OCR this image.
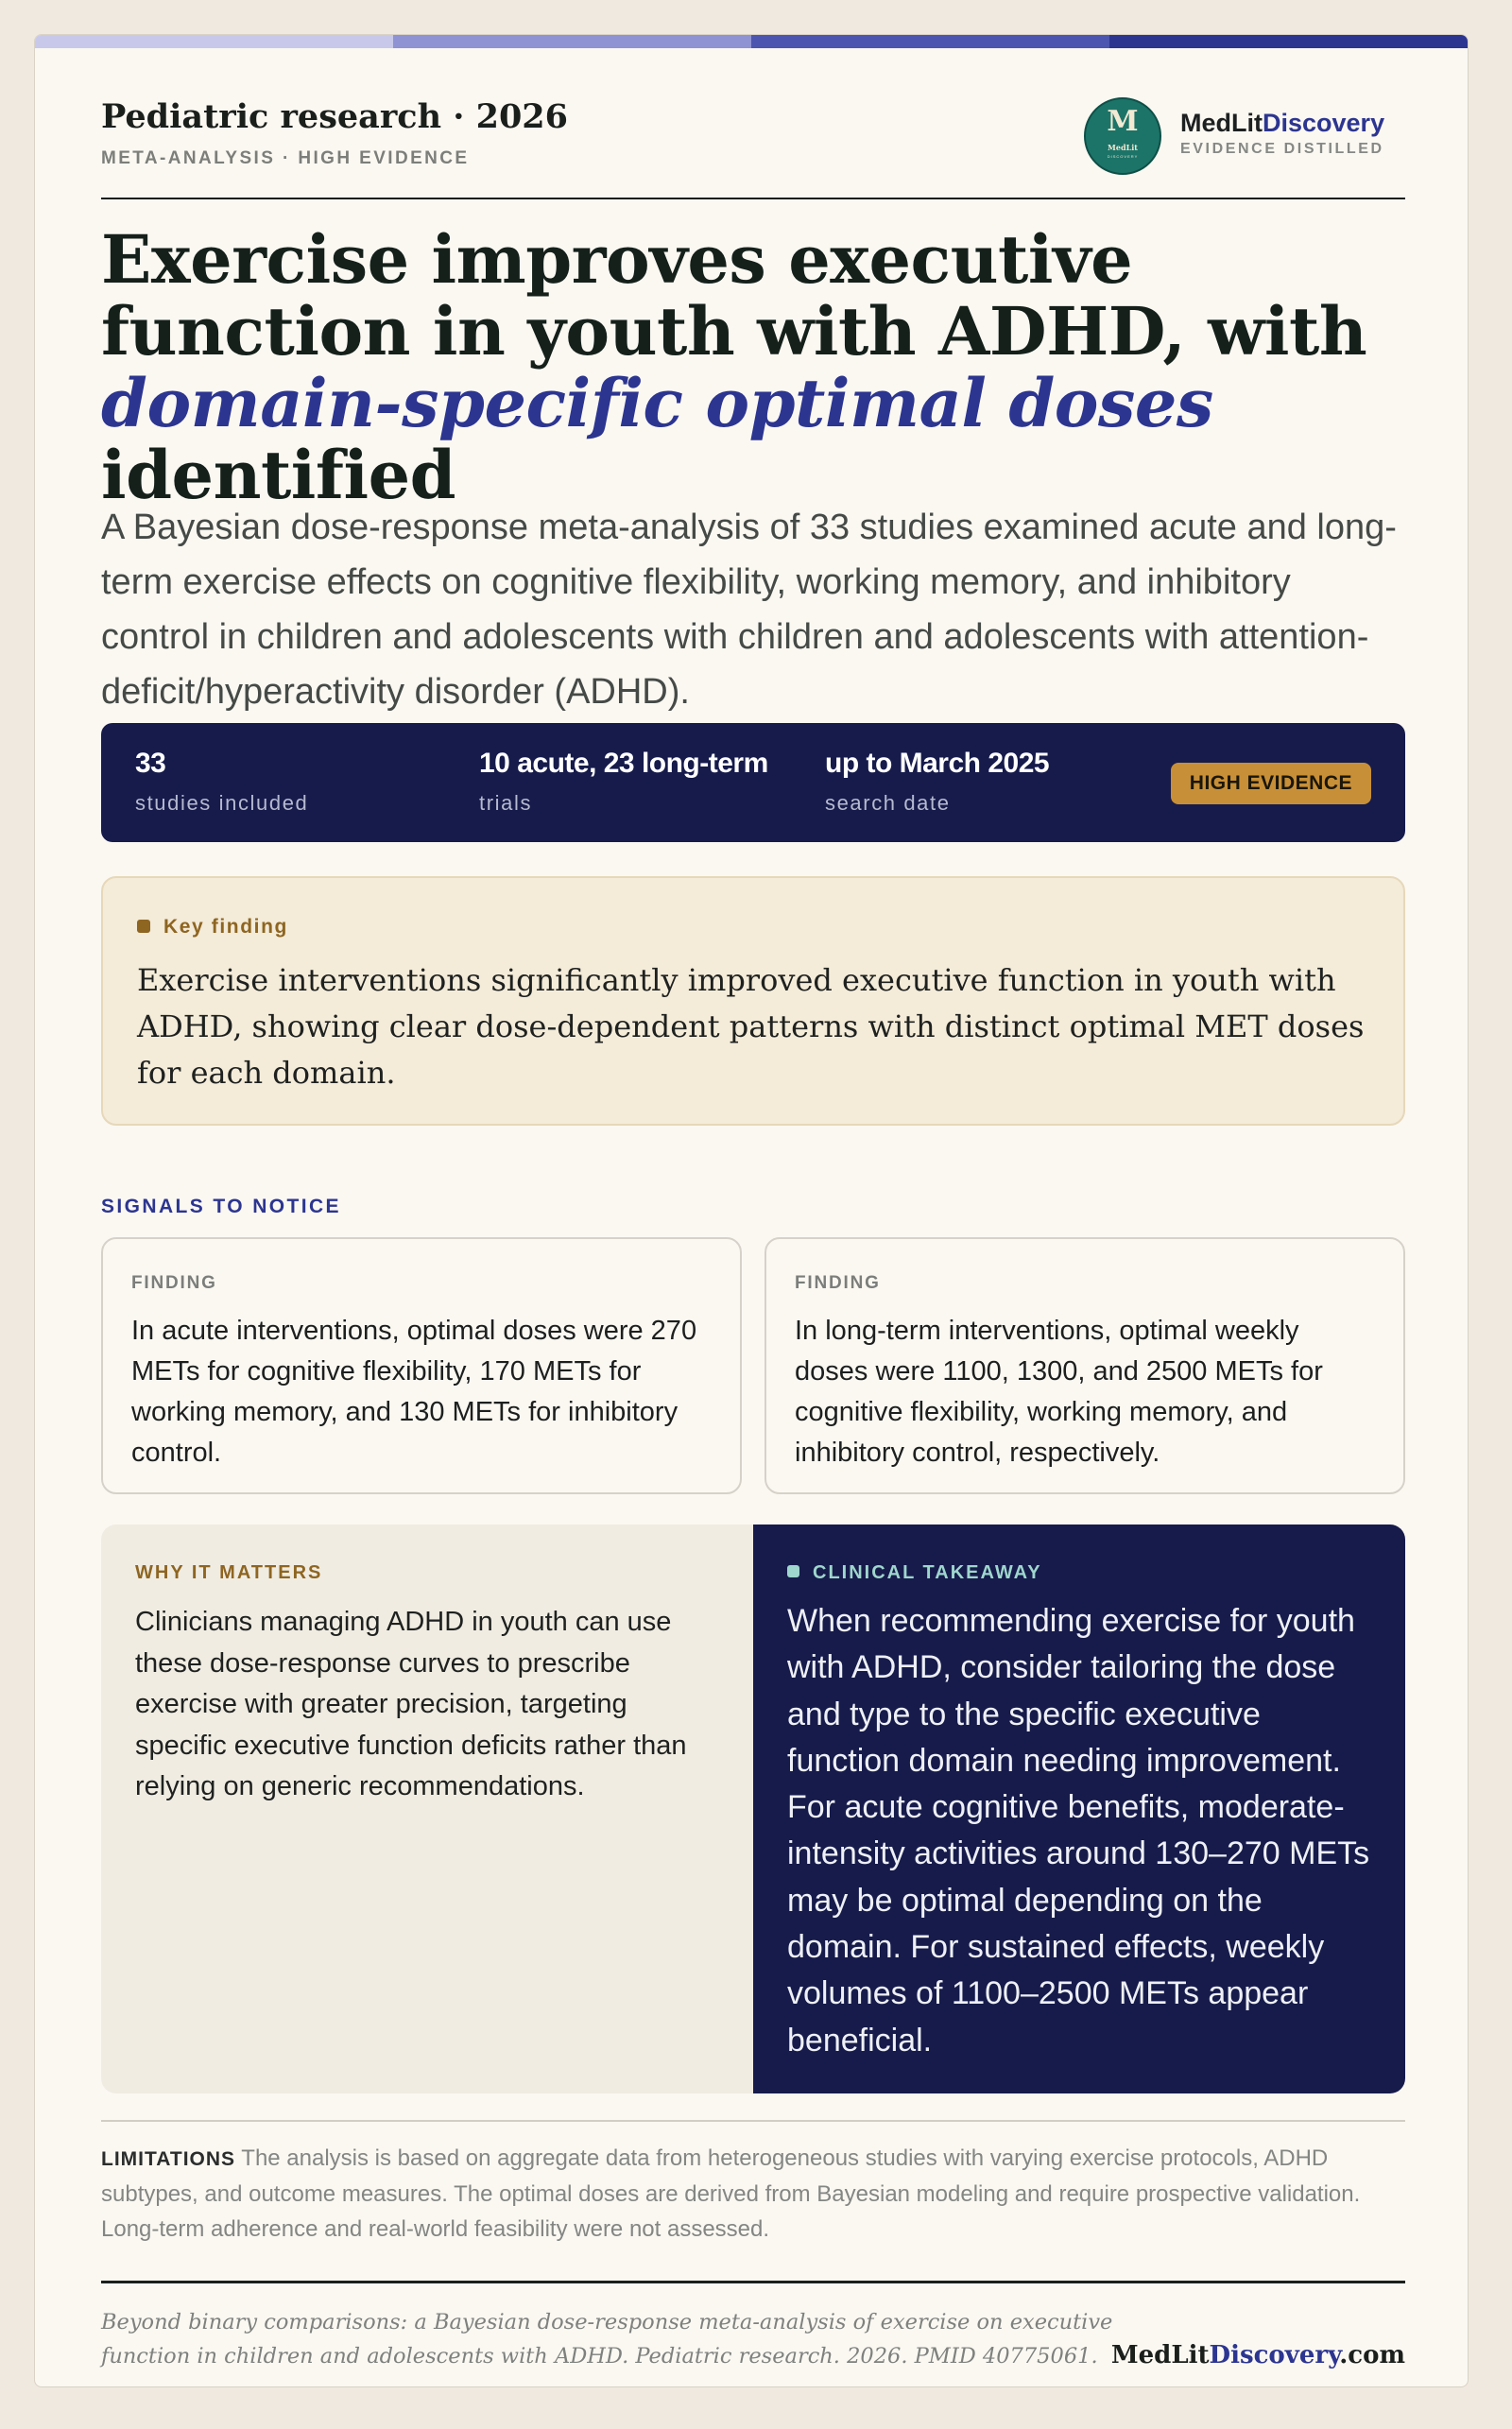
Pediatric research · 2026
META-ANALYSIS · HIGH EVIDENCE
M
MedLit
DISCOVERY
MedLitDiscovery
EVIDENCE DISTILLED
Exercise improves executive function in youth with ADHD, with domain-specific optimal doses identified

A Bayesian dose-response meta-analysis of 33 studies examined acute and long-term exercise effects on cognitive flexibility, working memory, and inhibitory control in children and adolescents with children and adolescents with attention-deficit/hyperactivity disorder (ADHD).

33
studies included
10 acute, 23 long-term
trials
up to March 2025
search date
HIGH EVIDENCE
Key finding

Exercise interventions significantly improved executive function in youth with ADHD, showing clear dose-dependent patterns with distinct optimal MET doses for each domain.

SIGNALS TO NOTICE
FINDING

In acute interventions, optimal doses were 270 METs for cognitive flexibility, 170 METs for working memory, and 130 METs for inhibitory control.

FINDING

In long-term interventions, optimal weekly doses were 1100, 1300, and 2500 METs for cognitive flexibility, working memory, and inhibitory control, respectively.

WHY IT MATTERS

Clinicians managing ADHD in youth can use these dose-response curves to prescribe exercise with greater precision, targeting specific executive function deficits rather than relying on generic recommendations.

CLINICAL TAKEAWAY

When recommending exercise for youth with ADHD, consider tailoring the dose and type to the specific executive function domain needing improvement. For acute cognitive benefits, moderate-intensity activities around 130–270 METs may be optimal depending on the domain. For sustained effects, weekly volumes of 1100–2500 METs appear beneficial.

LIMITATIONS The analysis is based on aggregate data from heterogeneous studies with varying exercise protocols, ADHD subtypes, and outcome measures. The optimal doses are derived from Bayesian modeling and require prospective validation. Long-term adherence and real-world feasibility were not assessed.

Beyond binary comparisons: a Bayesian dose-response meta-analysis of exercise on executive function in children and adolescents with ADHD. Pediatric research. 2026. PMID 40775061. MedLitDiscovery.com
